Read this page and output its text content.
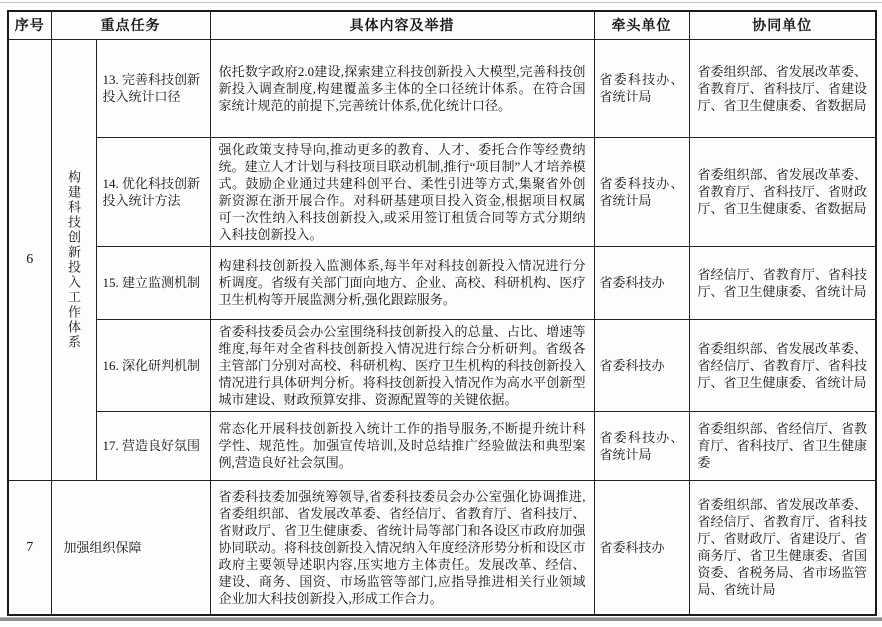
序号	重点任务		具体内容及举措	牵头单位	协同单位
6	构建科技创新投入工作体系	13. 完善科技创新投入统计口径	依托数字政府2.0建设,探索建立科技创新投入大模型,完善科技创新投入调查制度,构建覆盖多主体的全口径统计体系。在符合国家统计规范的前提下,完善统计体系,优化统计口径。	省委科技办、省统计局	省委组织部、省发展改革委、省教育厅、省科技厅、省建设厅、省卫生健康委、省数据局
		14. 优化科技创新投入统计方法	强化政策支持导向,推动更多的教育、人才、委托合作等经费纳统。建立人才计划与科技项目联动机制,推行“项目制”人才培养模式。鼓励企业通过共建科创平台、柔性引进等方式,集聚省外创新资源在浙开展合作。对科研基建项目投入资金,根据项目权属可一次性纳入科技创新投入,或采用签订租赁合同等方式分期纳入科技创新投入。	省委科技办、省统计局	省委组织部、省发展改革委、省教育厅、省科技厅、省财政厅、省卫生健康委、省数据局
		15. 建立监测机制	构建科技创新投入监测体系,每半年对科技创新投入情况进行分析调度。省级有关部门面向地方、企业、高校、科研机构、医疗卫生机构等开展监测分析,强化跟踪服务。	省委科技办	省经信厅、省教育厅、省科技厅、省卫生健康委、省统计局
		16. 深化研判机制	省委科技委员会办公室围绕科技创新投入的总量、占比、增速等维度,每年对全省科技创新投入情况进行综合分析研判。省级各主管部门分别对高校、科研机构、医疗卫生机构的科技创新投入情况进行具体研判分析。将科技创新投入情况作为高水平创新型城市建设、财政预算安排、资源配置等的关键依据。	省委科技办	省委组织部、省发展改革委、省经信厅、省教育厅、省科技厅、省卫生健康委、省统计局
		17. 营造良好氛围	常态化开展科技创新投入统计工作的指导服务,不断提升统计科学性、规范性。加强宣传培训,及时总结推广经验做法和典型案例,营造良好社会氛围。	省委科技办、省统计局	省委组织部、省经信厅、省教育厅、省科技厅、省卫生健康委
7	加强组织保障		省委科技委加强统筹领导,省委科技委员会办公室强化协调推进,省委组织部、省发展改革委、省经信厅、省教育厅、省科技厅、省财政厅、省卫生健康委、省统计局等部门和各设区市政府加强协同联动。将科技创新投入情况纳入年度经济形势分析和设区市政府主要领导述职内容,压实地方主体责任。发展改革、经信、建设、商务、国资、市场监管等部门,应指导推进相关行业领域企业加大科技创新投入,形成工作合力。	省委科技办	省委组织部、省发展改革委、省经信厅、省教育厅、省科技厅、省财政厅、省建设厅、省商务厅、省卫生健康委、省国资委、省税务局、省市场监管局、省统计局
